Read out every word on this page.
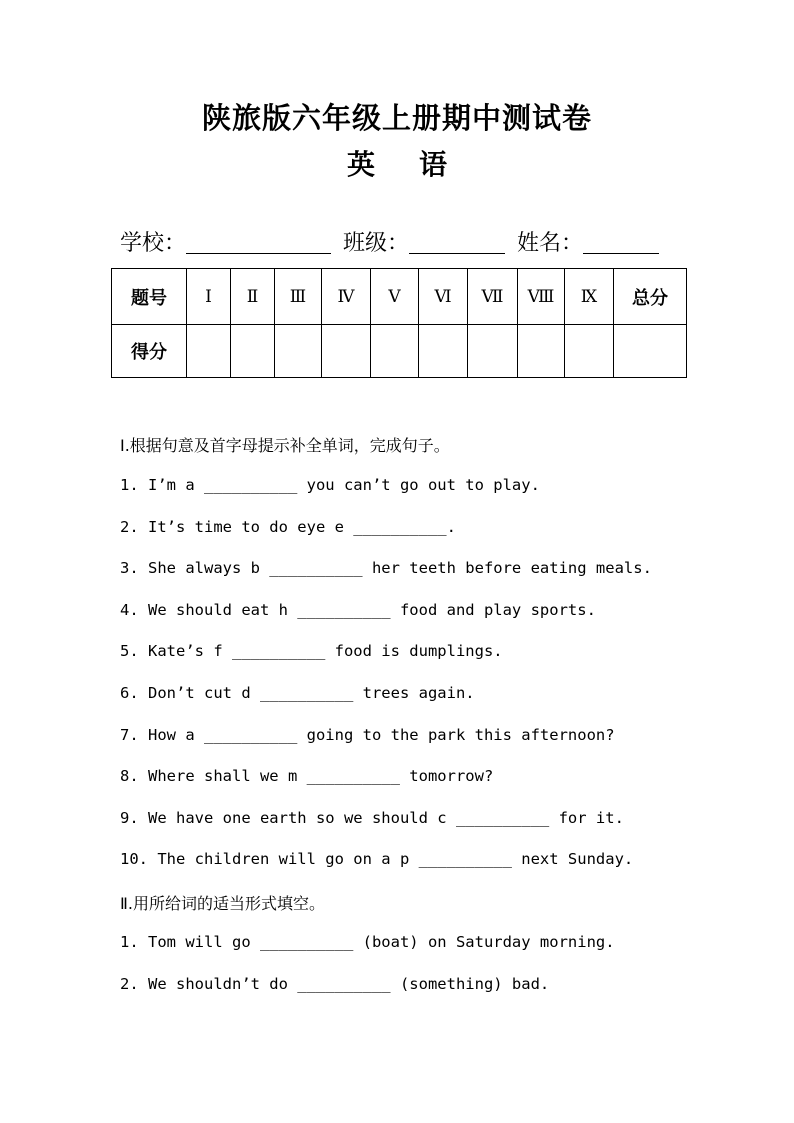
陕旅版六年级上册期中测试卷
英语
学校：	班级：	姓名：
题号	Ⅰ	Ⅱ	Ⅲ	Ⅳ	Ⅴ	Ⅵ	Ⅶ	Ⅷ	Ⅸ	总分
得分										
I.根据句意及首字母提示补全单词，完成句子。
1. I’m a __________ you can’t go out to play.
2. It’s time to do eye e __________.
3. She always b __________ her teeth before eating meals.
4. We should eat h __________ food and play sports.
5. Kate’s f __________ food is dumplings.
6. Don’t cut d __________ trees again.
7. How a __________ going to the park this afternoon?
8. Where shall we m __________ tomorrow?
9. We have one earth so we should c __________ for it.
10. The children will go on a p __________ next Sunday.
Ⅱ.用所给词的适当形式填空。
1. Tom will go __________ (boat) on Saturday morning.
2. We shouldn’t do __________ (something) bad.
